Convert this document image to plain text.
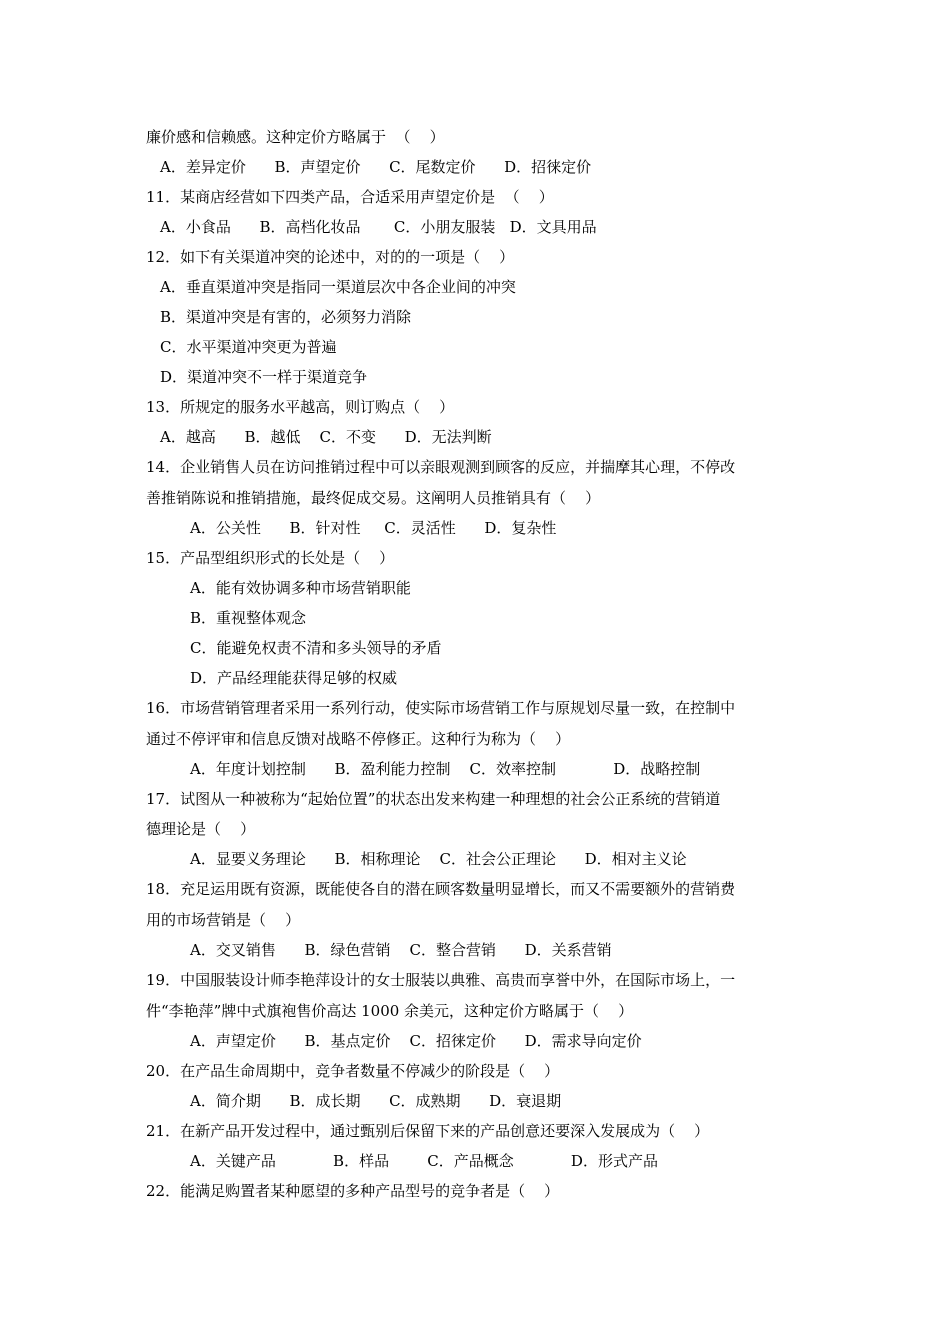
廉价感和信赖感。这种定价方略属于  （    ）
A．差异定价      B．声望定价      C．尾数定价      D．招徕定价
11．某商店经营如下四类产品，合适采用声望定价是  （    ）
A．小食品      B．高档化妆品       C．小朋友服装   D．文具用品
12．如下有关渠道冲突的论述中，对的的一项是（    ）
A．垂直渠道冲突是指同一渠道层次中各企业间的冲突
B．渠道冲突是有害的，必须努力消除
C．水平渠道冲突更为普遍
D．渠道冲突不一样于渠道竞争
13．所规定的服务水平越高，则订购点（    ）
A．越高      B．越低    C．不变      D．无法判断
14．企业销售人员在访问推销过程中可以亲眼观测到顾客的反应，并揣摩其心理，不停改
善推销陈说和推销措施，最终促成交易。这阐明人员推销具有（    ）
A．公关性      B．针对性     C．灵活性      D．复杂性
15．产品型组织形式的长处是（    ）
A．能有效协调多种市场营销职能
B．重视整体观念
C．能避免权责不清和多头领导的矛盾
D．产品经理能获得足够的权威
16．市场营销管理者采用一系列行动，使实际市场营销工作与原规划尽量一致，在控制中
通过不停评审和信息反馈对战略不停修正。这种行为称为（    ）
A．年度计划控制      B．盈利能力控制    C．效率控制            D．战略控制
17．试图从一种被称为“起始位置”的状态出发来构建一种理想的社会公正系统的营销道
德理论是（    ）
A．显要义务理论      B．相称理论    C．社会公正理论      D．相对主义论
18．充足运用既有资源，既能使各自的潜在顾客数量明显增长，而又不需要额外的营销费
用的市场营销是（    ）
A．交叉销售      B．绿色营销    C．整合营销      D．关系营销
19．中国服装设计师李艳萍设计的女士服装以典雅、高贵而享誉中外，在国际市场上，一
件“李艳萍”牌中式旗袍售价高达 1000 余美元，这种定价方略属于（    ）
A．声望定价      B．基点定价    C．招徕定价      D．需求导向定价
20．在产品生命周期中，竞争者数量不停减少的阶段是（    ）
A．简介期      B．成长期      C．成熟期      D．衰退期
21．在新产品开发过程中，通过甄别后保留下来的产品创意还要深入发展成为（    ）
A．关键产品            B．样品        C．产品概念            D．形式产品
22．能满足购置者某种愿望的多种产品型号的竞争者是（    ）
